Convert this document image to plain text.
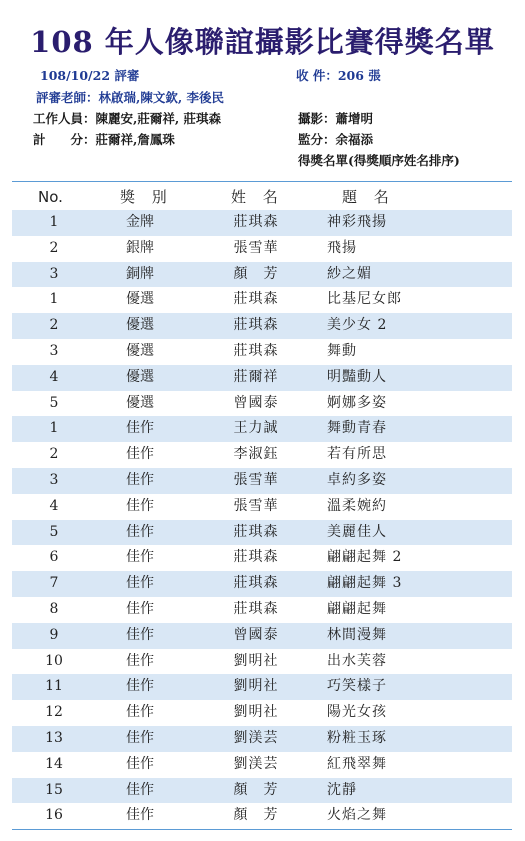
108 年人像聯誼攝影比賽得獎名單
108/10/22 評審	收 件：206 張
評審老師：林啟瑞,陳文欽, 李後民
工作人員：陳麗安,莊爾祥, 莊琪森	攝影：蕭增明
計　　分：莊爾祥,詹鳳珠	監分：余福添
得獎名單(得獎順序姓名排序)
No.	獎 別	姓 名	題 名
1	金牌	莊琪森	神彩飛揚
2	銀牌	張雪華	飛揚
3	銅牌	顏　芳	紗之媚
1	優選	莊琪森	比基尼女郎
2	優選	莊琪森	美少女 2
3	優選	莊琪森	舞動
4	優選	莊爾祥	明豔動人
5	優選	曾國泰	婀娜多姿
1	佳作	王力誠	舞動青春
2	佳作	李淑鈺	若有所思
3	佳作	張雪華	卓約多姿
4	佳作	張雪華	溫柔婉約
5	佳作	莊琪森	美麗佳人
6	佳作	莊琪森	翩翩起舞 2
7	佳作	莊琪森	翩翩起舞 3
8	佳作	莊琪森	翩翩起舞
9	佳作	曾國泰	林間漫舞
10	佳作	劉明社	出水芙蓉
11	佳作	劉明社	巧笑樣子
12	佳作	劉明社	陽光女孩
13	佳作	劉渼芸	粉粧玉琢
14	佳作	劉渼芸	紅飛翠舞
15	佳作	顏　芳	沈靜
16	佳作	顏　芳	火焰之舞
